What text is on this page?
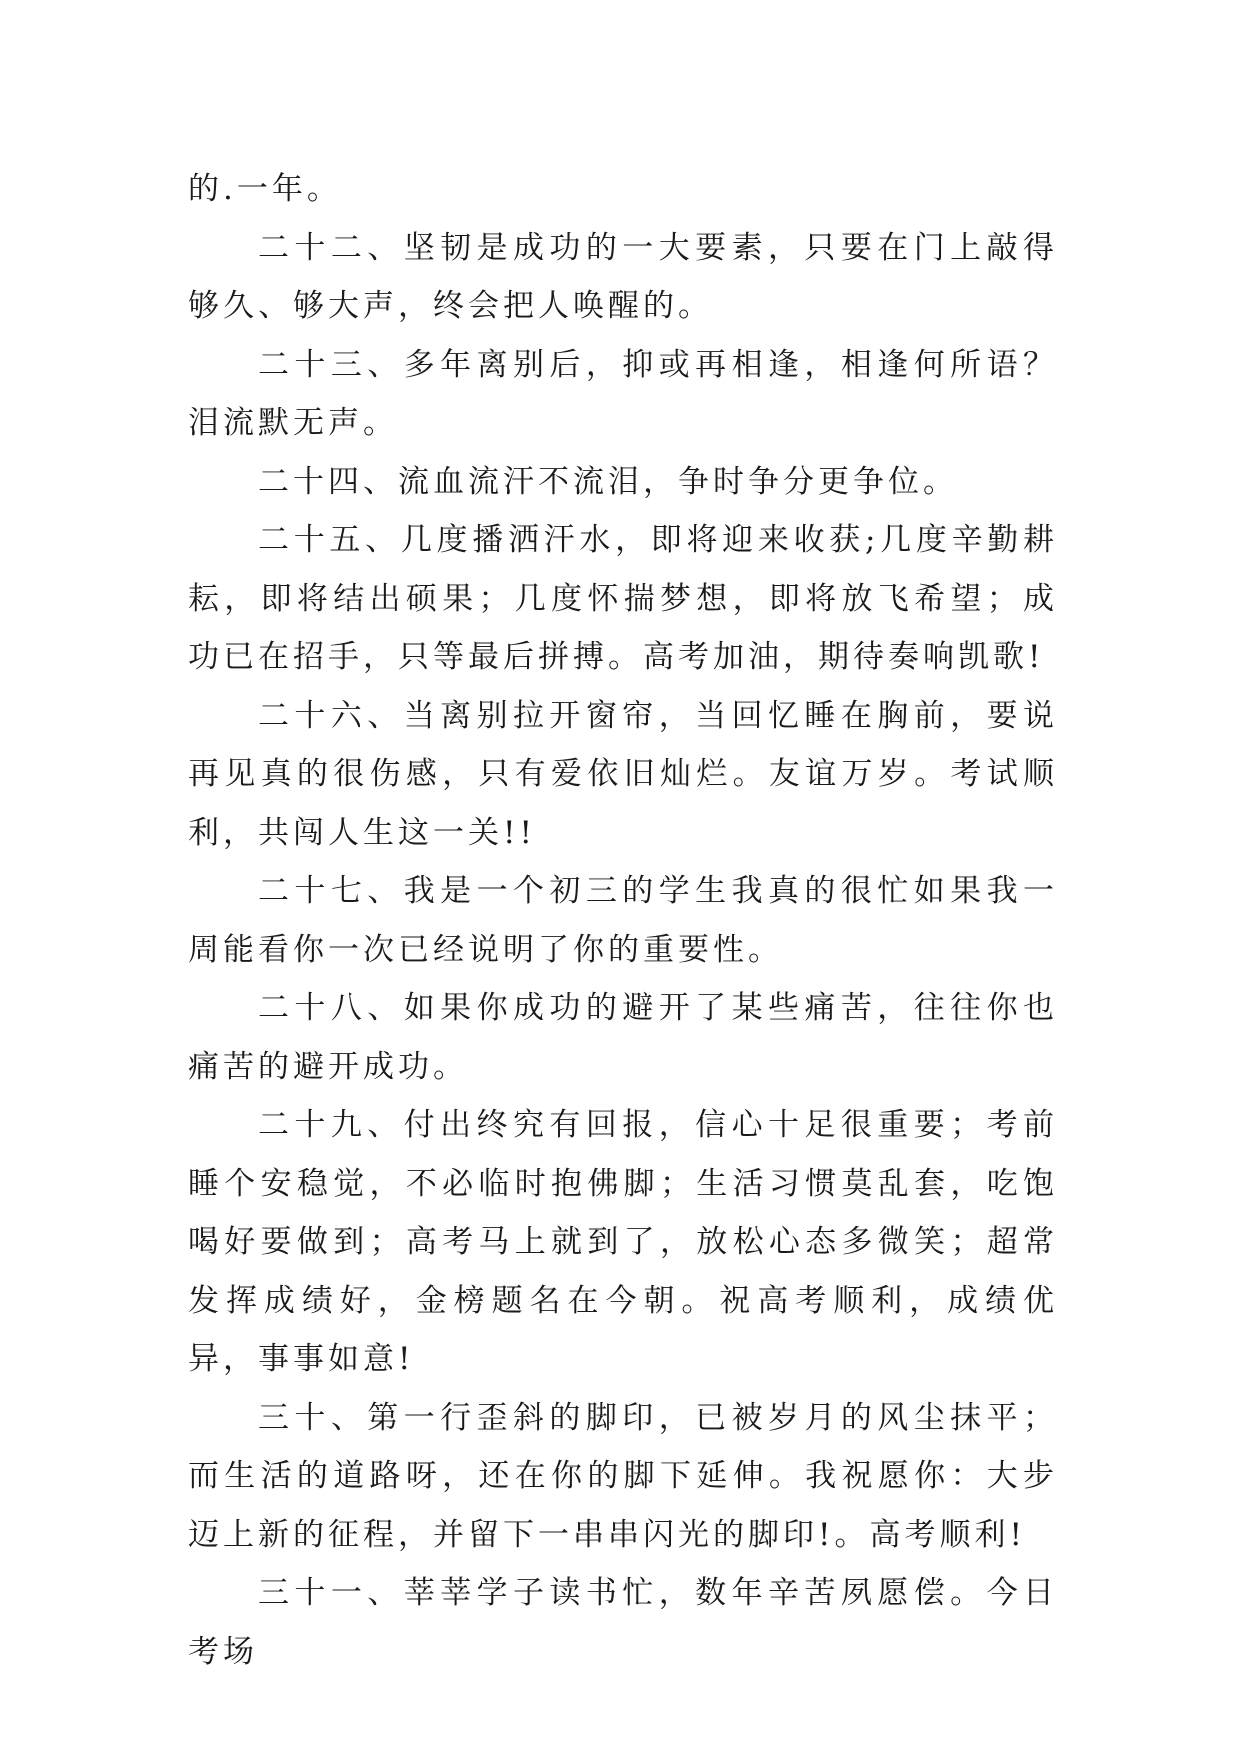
的.一年。

二十二、坚韧是成功的一大要素，只要在门上敲得够久、够大声，终会把人唤醒的。

二十三、多年离别后，抑或再相逢，相逢何所语？泪流默无声。

二十四、流血流汗不流泪，争时争分更争位。

二十五、几度播洒汗水，即将迎来收获;几度辛勤耕耘，即将结出硕果；几度怀揣梦想，即将放飞希望；成功已在招手，只等最后拼搏。高考加油，期待奏响凯歌!

二十六、当离别拉开窗帘，当回忆睡在胸前，要说再见真的很伤感，只有爱依旧灿烂。友谊万岁。考试顺利，共闯人生这一关!!

二十七、我是一个初三的学生我真的很忙如果我一周能看你一次已经说明了你的重要性。

二十八、如果你成功的避开了某些痛苦，往往你也痛苦的避开成功。

二十九、付出终究有回报，信心十足很重要；考前睡个安稳觉，不必临时抱佛脚；生活习惯莫乱套，吃饱喝好要做到；高考马上就到了，放松心态多微笑；超常发挥成绩好，金榜题名在今朝。祝高考顺利，成绩优异，事事如意!

三十、第一行歪斜的脚印，已被岁月的风尘抹平；而生活的道路呀，还在你的脚下延伸。我祝愿你：大步迈上新的征程，并留下一串串闪光的脚印!。高考顺利!

三十一、莘莘学子读书忙，数年辛苦夙愿偿。今日考场
